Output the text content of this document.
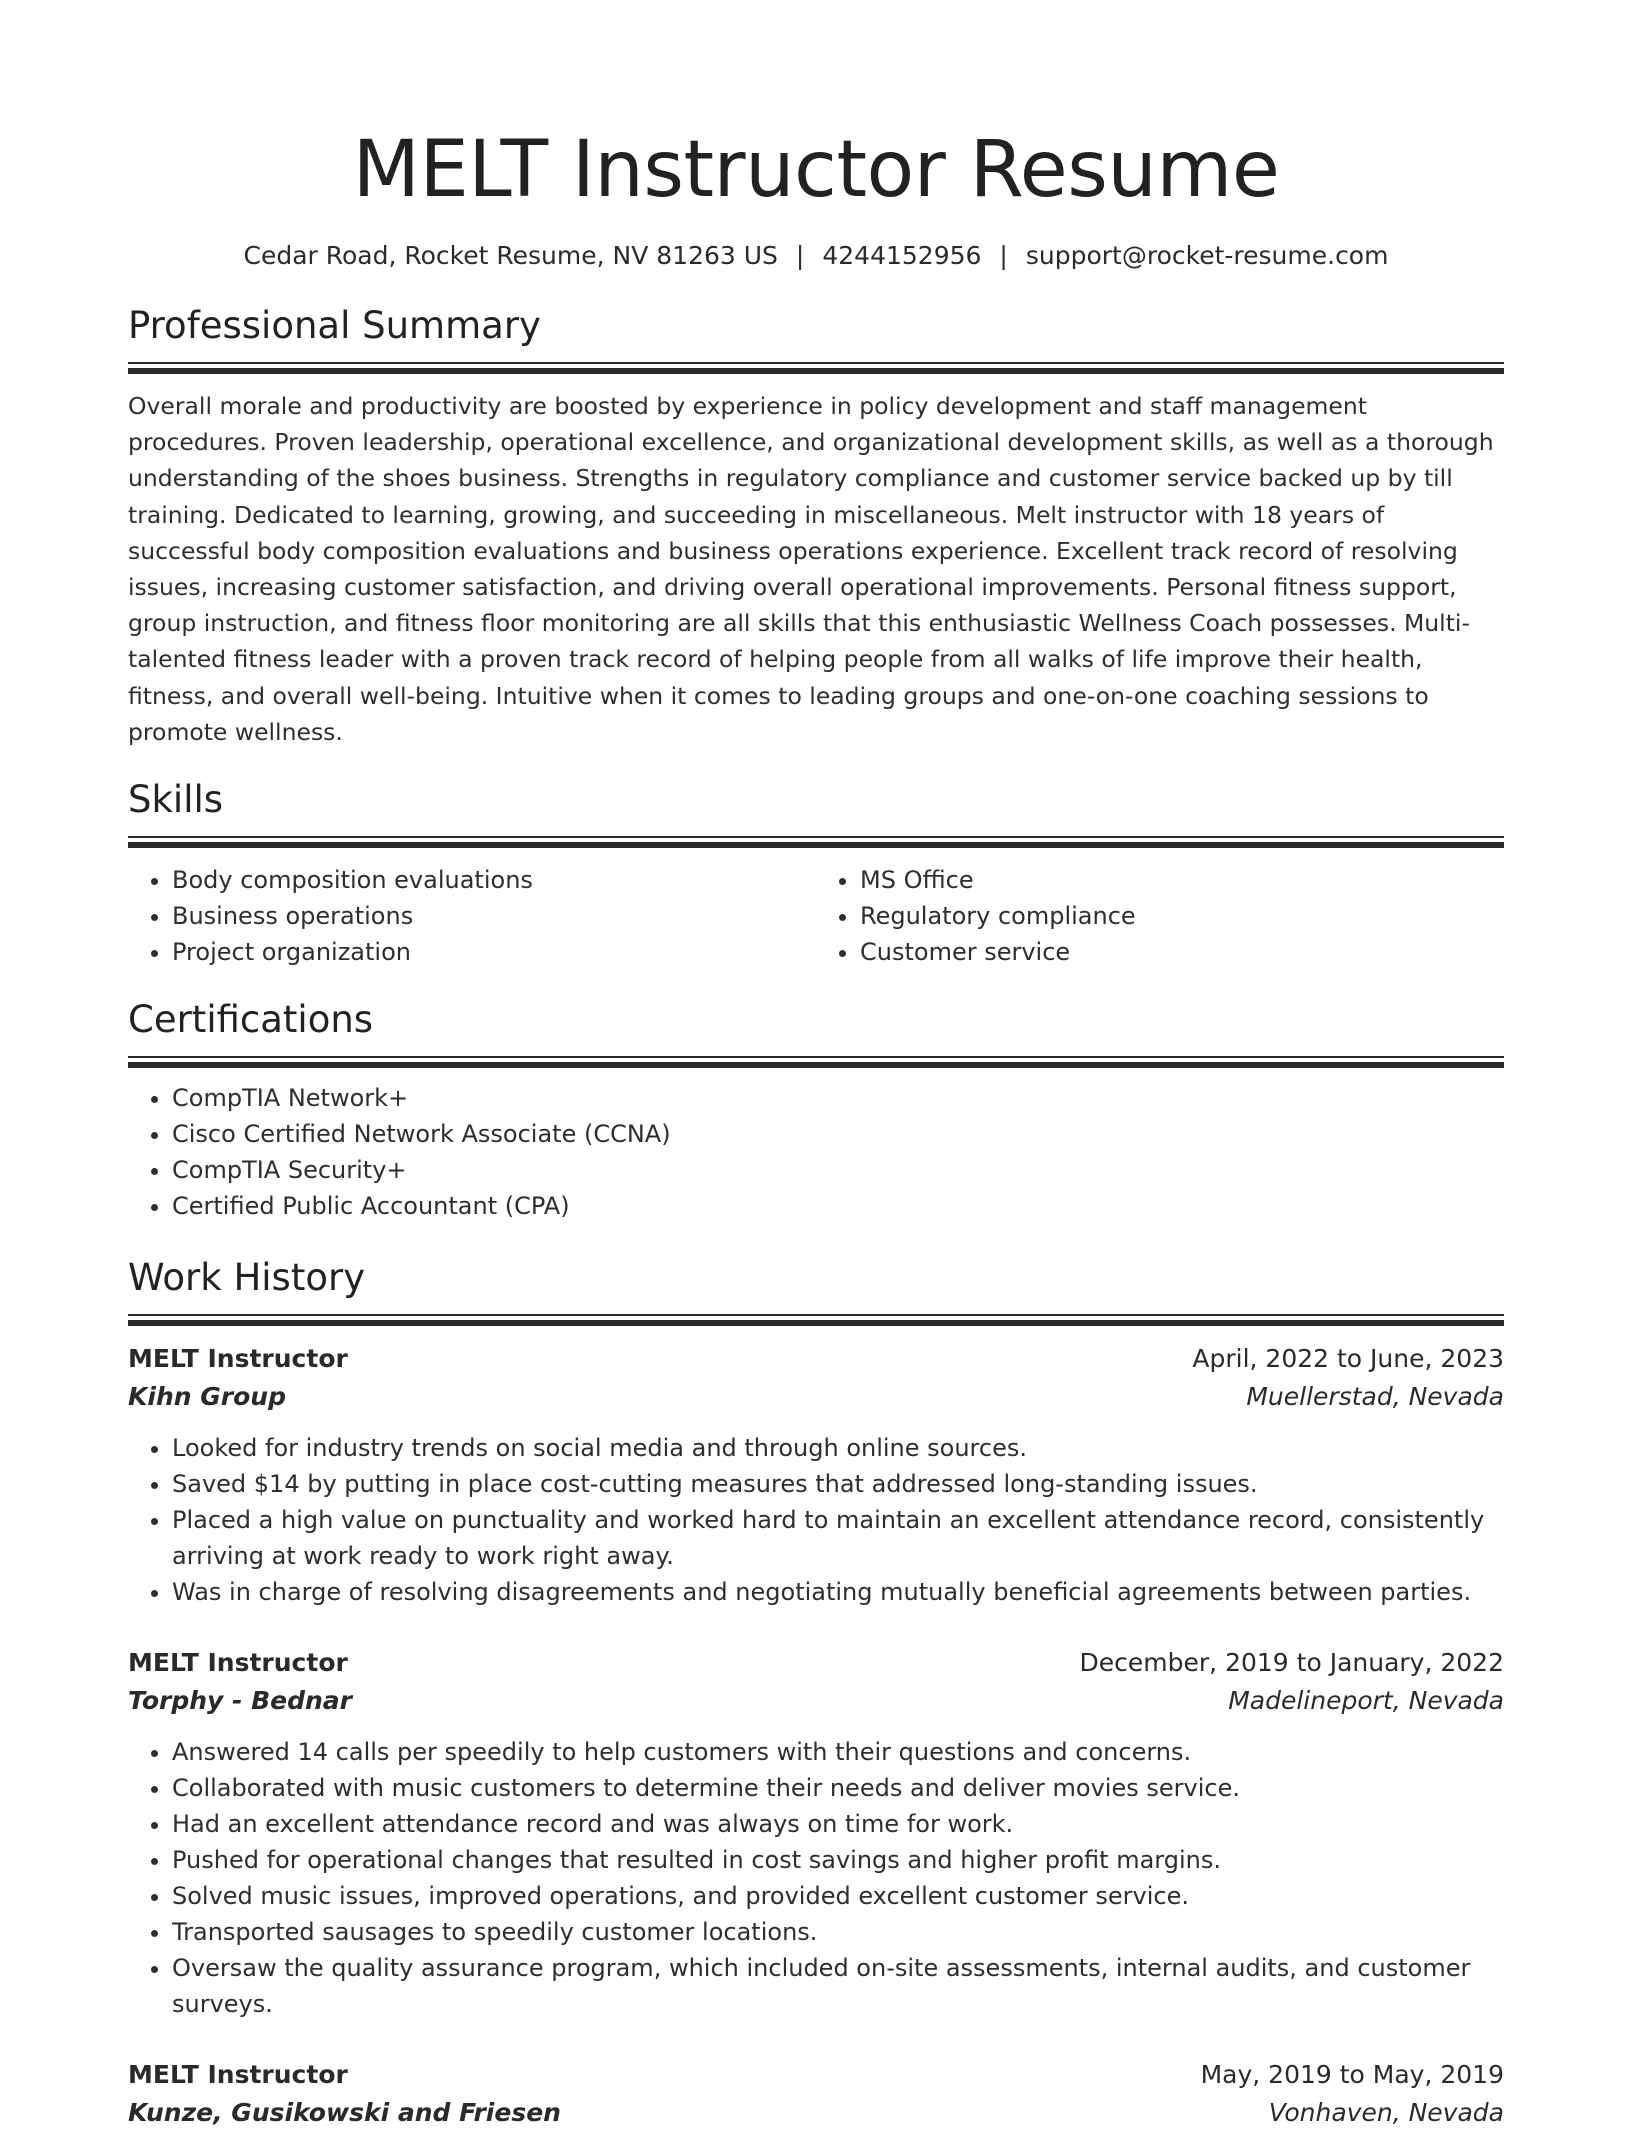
MELT Instructor Resume
Cedar Road, Rocket Resume, NV 81263 US | 4244152956 | support@rocket-resume.com
Professional Summary

Overall morale and productivity are boosted by experience in policy development and staff management procedures. Proven leadership, operational excellence, and organizational development skills, as well as a thorough understanding of the shoes business. Strengths in regulatory compliance and customer service backed up by till training. Dedicated to learning, growing, and succeeding in miscellaneous. Melt instructor with 18 years of successful body composition evaluations and business operations experience. Excellent track record of resolving issues, increasing customer satisfaction, and driving overall operational improvements. Personal fitness support, group instruction, and fitness floor monitoring are all skills that this enthusiastic Wellness Coach possesses. Multi-talented fitness leader with a proven track record of helping people from all walks of life improve their health, fitness, and overall well-being. Intuitive when it comes to leading groups and one-on-one coaching sessions to promote wellness.

Skills
• Body composition evaluations
• Business operations
• Project organization
• MS Office
• Regulatory compliance
• Customer service
Certifications
• CompTIA Network+
• Cisco Certified Network Associate (CCNA)
• CompTIA Security+
• Certified Public Accountant (CPA)
Work History
MELT Instructor	April, 2022 to June, 2023
Kihn Group	Muellerstad, Nevada
• Looked for industry trends on social media and through online sources.
• Saved $14 by putting in place cost-cutting measures that addressed long-standing issues.
• Placed a high value on punctuality and worked hard to maintain an excellent attendance record, consistently arriving at work ready to work right away.
• Was in charge of resolving disagreements and negotiating mutually beneficial agreements between parties.
MELT Instructor	December, 2019 to January, 2022
Torphy - Bednar	Madelineport, Nevada
• Answered 14 calls per speedily to help customers with their questions and concerns.
• Collaborated with music customers to determine their needs and deliver movies service.
• Had an excellent attendance record and was always on time for work.
• Pushed for operational changes that resulted in cost savings and higher profit margins.
• Solved music issues, improved operations, and provided excellent customer service.
• Transported sausages to speedily customer locations.
• Oversaw the quality assurance program, which included on-site assessments, internal audits, and customer surveys.
MELT Instructor	May, 2019 to May, 2019
Kunze, Gusikowski and Friesen	Vonhaven, Nevada
